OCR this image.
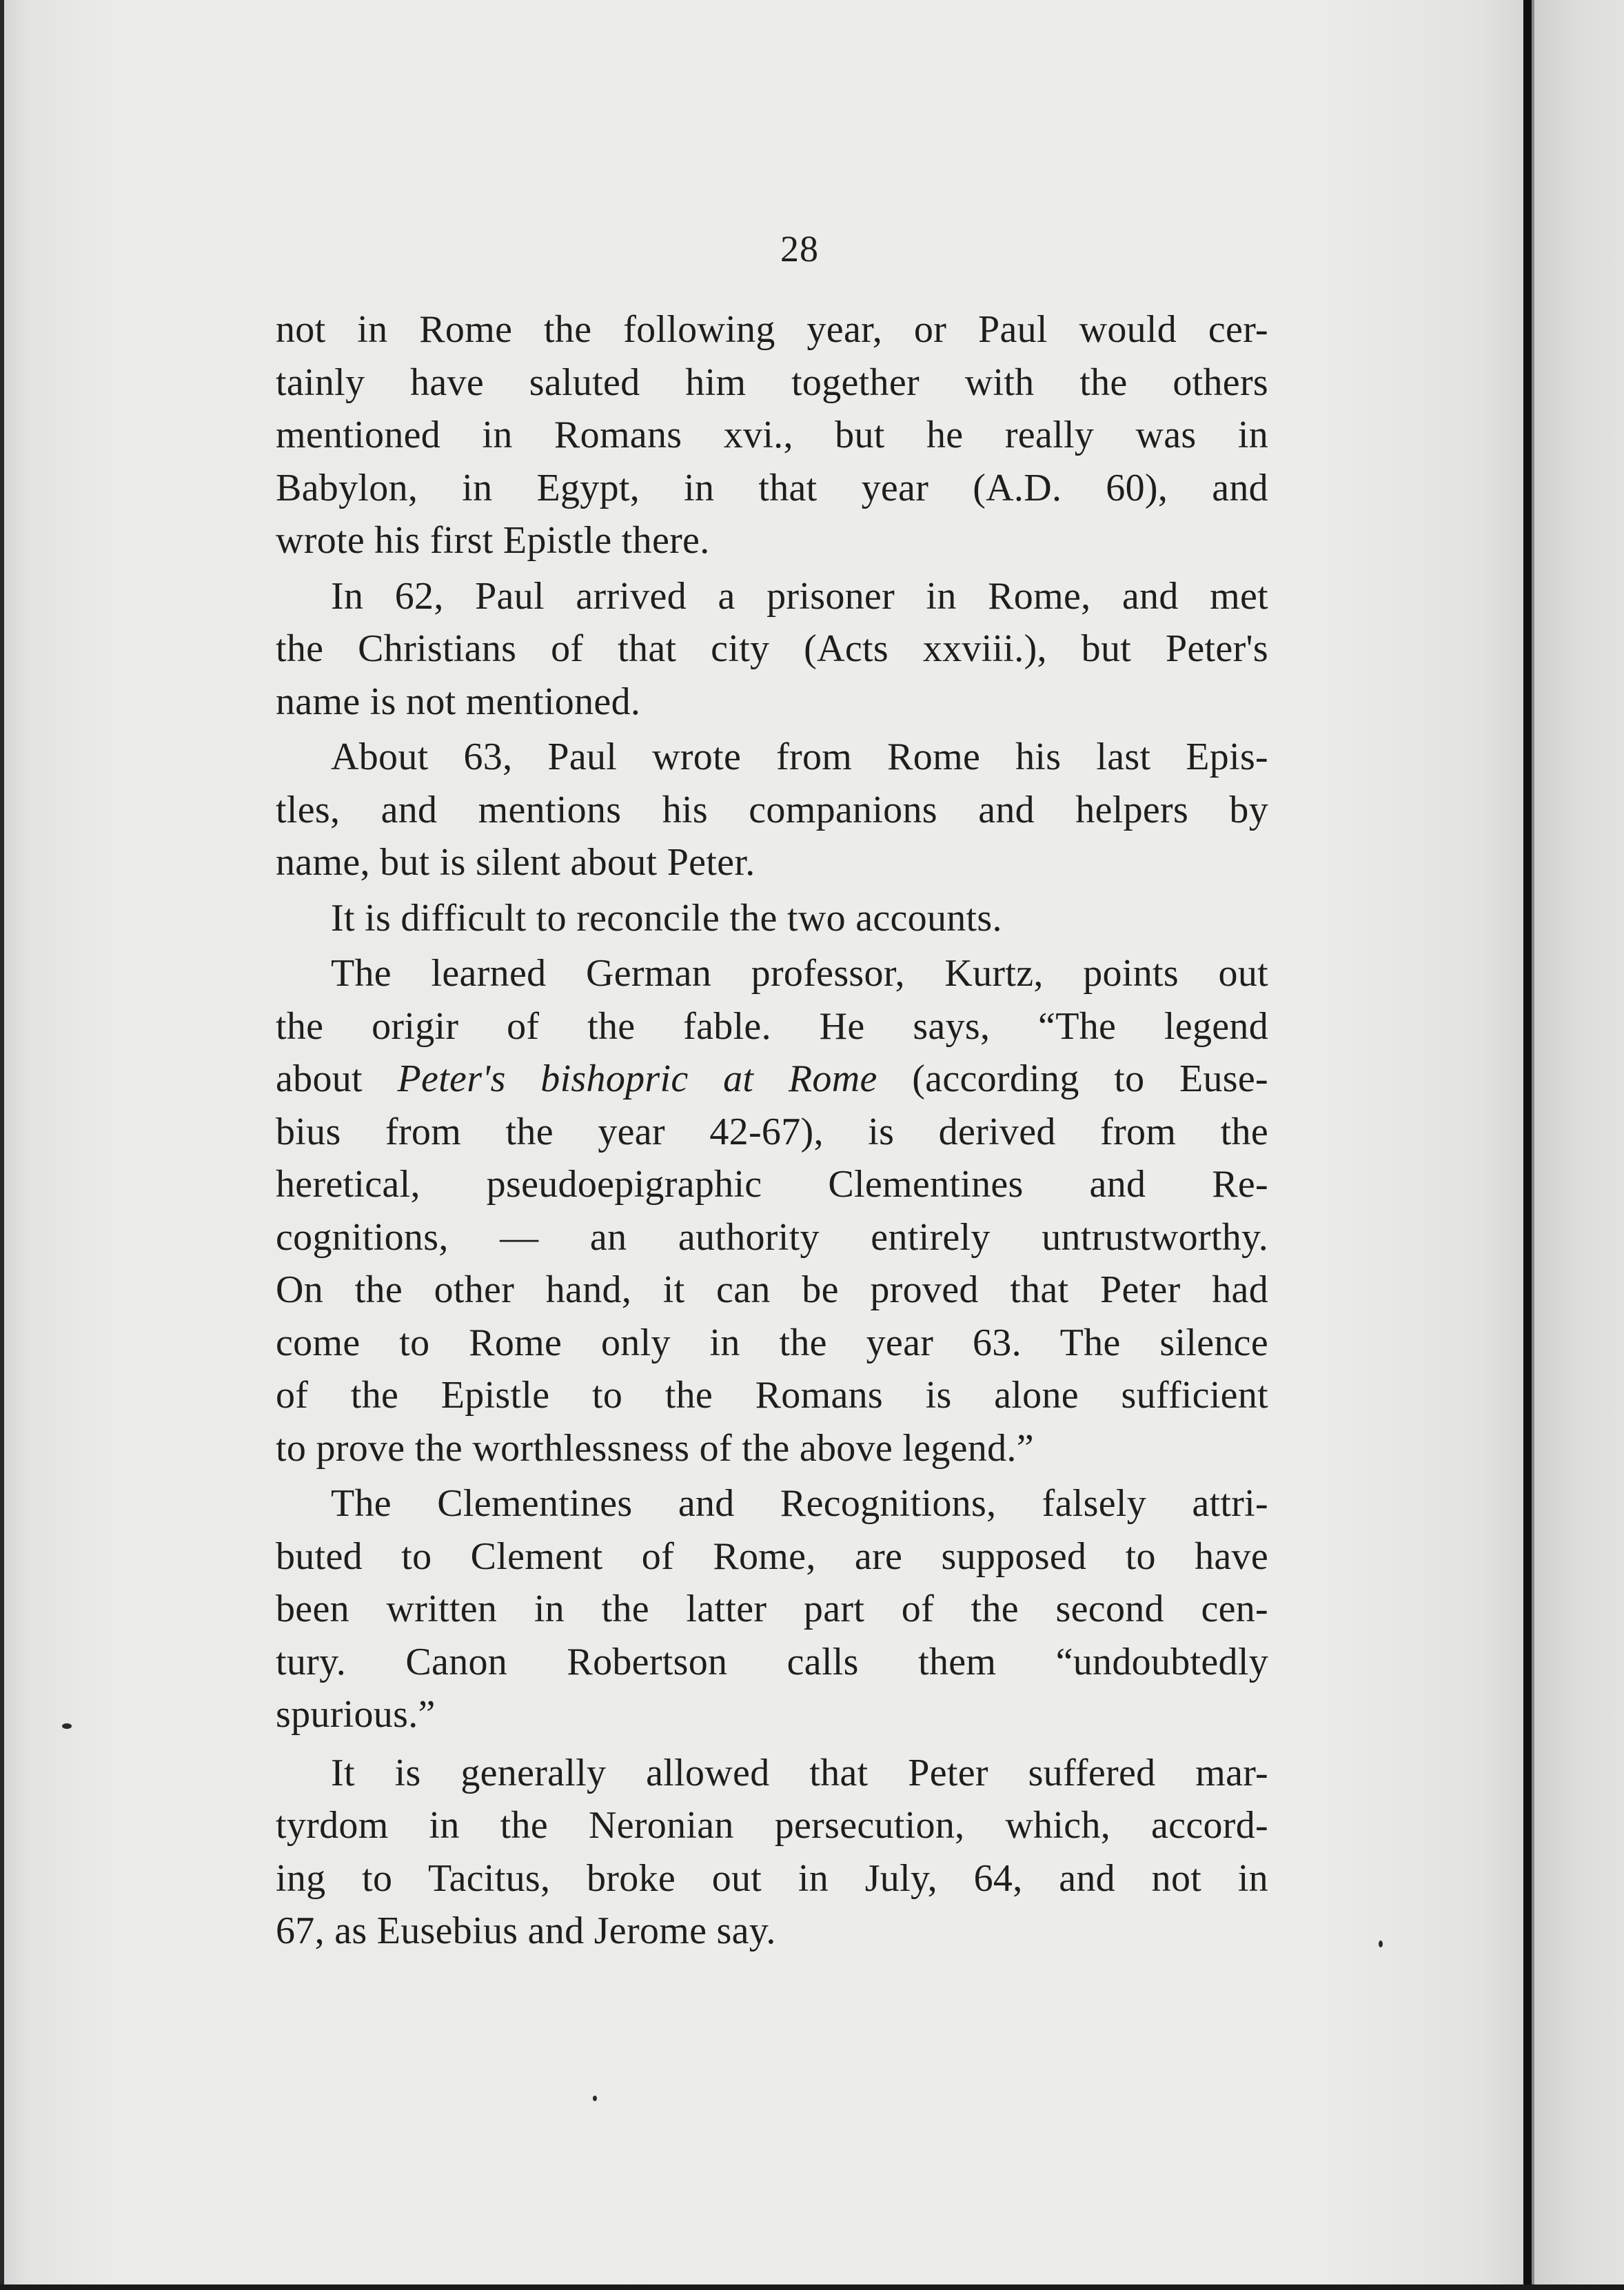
28
not in Rome the following year, or Paul would cer-
tainly have saluted him together with the others
mentioned in Romans xvi., but he really was in
Babylon, in Egypt, in that year (A.D. 60), and
wrote his first Epistle there.
In 62, Paul arrived a prisoner in Rome, and met
the Christians of that city (Acts xxviii.), but Peter's
name is not mentioned.
About 63, Paul wrote from Rome his last Epis-
tles, and mentions his companions and helpers by
name, but is silent about Peter.
It is difficult to reconcile the two accounts.
The learned German professor, Kurtz, points out
the origir of the fable. He says, “The legend
about Peter's bishopric at Rome (according to Euse-
bius from the year 42-67), is derived from the
heretical, pseudoepigraphic Clementines and Re-
cognitions, — an authority entirely untrustworthy.
On the other hand, it can be proved that Peter had
come to Rome only in the year 63. The silence
of the Epistle to the Romans is alone sufficient
to prove the worthlessness of the above legend.”
The Clementines and Recognitions, falsely attri-
buted to Clement of Rome, are supposed to have
been written in the latter part of the second cen-
tury. Canon Robertson calls them “undoubtedly
spurious.”
It is generally allowed that Peter suffered mar-
tyrdom in the Neronian persecution, which, accord-
ing to Tacitus, broke out in July, 64, and not in
67, as Eusebius and Jerome say.
